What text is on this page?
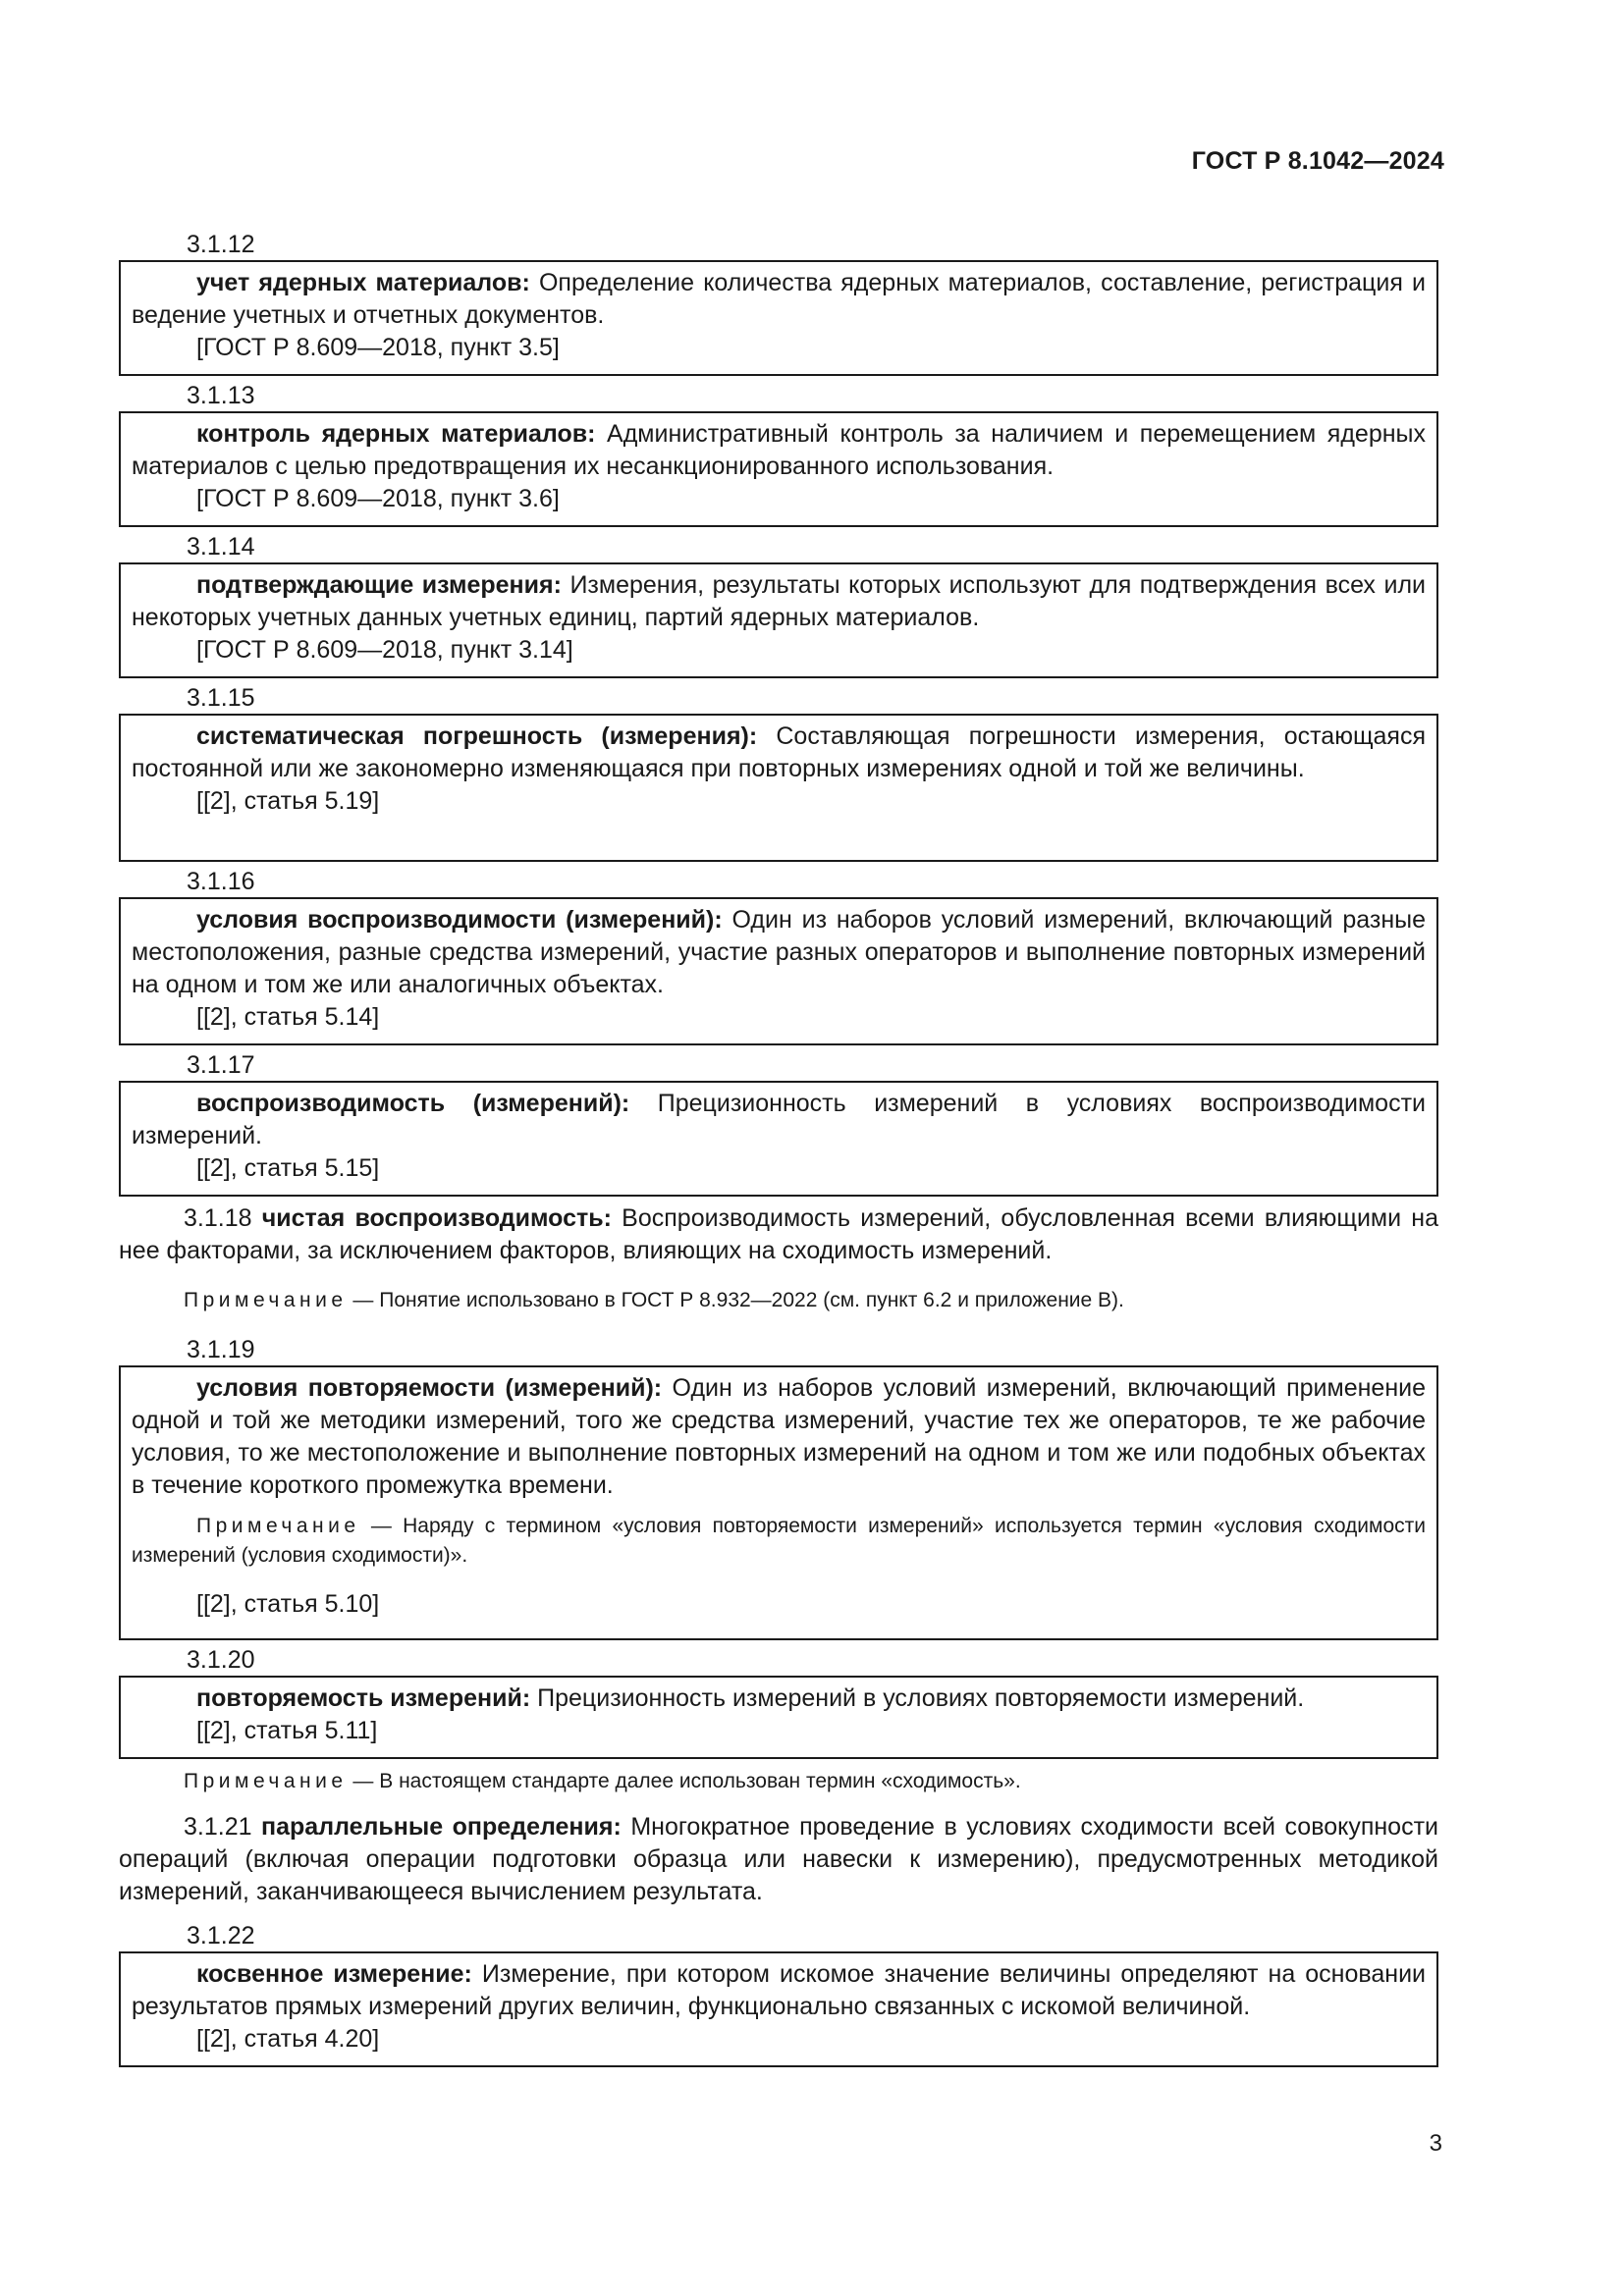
ГОСТ Р 8.1042—2024
3.1.12

учет ядерных материалов: Определение количества ядерных материалов, составление, регистрация и ведение учетных и отчетных документов.

[ГОСТ Р 8.609—2018, пункт 3.5]

3.1.13

контроль ядерных материалов: Административный контроль за наличием и перемещением ядерных материалов с целью предотвращения их несанкционированного использования.

[ГОСТ Р 8.609—2018, пункт 3.6]

3.1.14

подтверждающие измерения: Измерения, результаты которых используют для подтверждения всех или некоторых учетных данных учетных единиц, партий ядерных материалов.

[ГОСТ Р 8.609—2018, пункт 3.14]

3.1.15

систематическая погрешность (измерения): Составляющая погрешности измерения, остающаяся постоянной или же закономерно изменяющаяся при повторных измерениях одной и той же величины.

[[2], статья 5.19]

3.1.16

условия воспроизводимости (измерений): Один из наборов условий измерений, включающий разные местоположения, разные средства измерений, участие разных операторов и выполнение повторных измерений на одном и том же или аналогичных объектах.

[[2], статья 5.14]

3.1.17

воспроизводимость (измерений): Прецизионность измерений в условиях воспроизводимости измерений.

[[2], статья 5.15]

3.1.18 чистая воспроизводимость: Воспроизводимость измерений, обусловленная всеми влияющими на нее факторами, за исключением факторов, влияющих на сходимость измерений.

Примечание — Понятие использовано в ГОСТ Р 8.932—2022 (см. пункт 6.2 и приложение В).
3.1.19

условия повторяемости (измерений): Один из наборов условий измерений, включающий применение одной и той же методики измерений, того же средства измерений, участие тех же операторов, те же рабочие условия, то же местоположение и выполнение повторных измерений на одном и том же или подобных объектах в течение короткого промежутка времени.

Примечание — Наряду с термином «условия повторяемости измерений» используется термин «условия сходимости измерений (условия сходимости)».

[[2], статья 5.10]

3.1.20

повторяемость измерений: Прецизионность измерений в условиях повторяемости измерений.

[[2], статья 5.11]

Примечание — В настоящем стандарте далее использован термин «сходимость».

3.1.21 параллельные определения: Многократное проведение в условиях сходимости всей совокупности операций (включая операции подготовки образца или навески к измерению), предусмотренных методикой измерений, заканчивающееся вычислением результата.

3.1.22

косвенное измерение: Измерение, при котором искомое значение величины определяют на основании результатов прямых измерений других величин, функционально связанных с искомой величиной.

[[2], статья 4.20]

3
